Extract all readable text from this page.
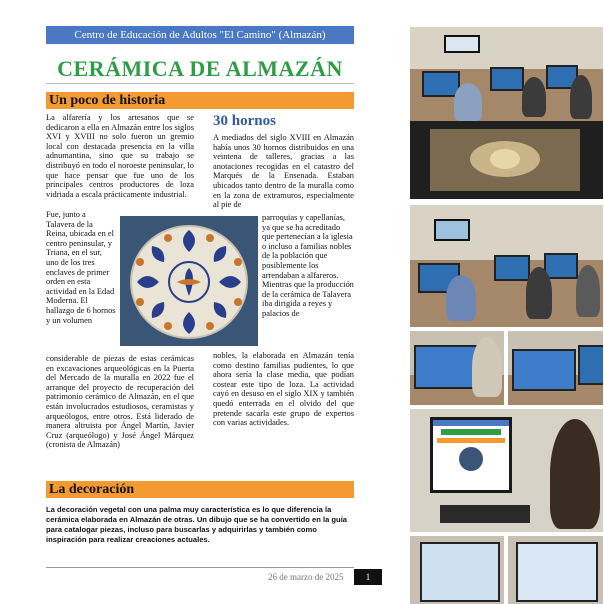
Centro de Educación de Adultos "El Camino" (Almazán)
CERÁMICA DE ALMAZÁN
Un poco de historia
La alfarería y los artesanos que se dedicaron a ella en Almazán entre los siglos XVI y XVIII no solo fueron un gremio local con destacada presencia en la villa adnumantina, sino que su trabajo se distribuyó en todo el noroeste peninsular, lo que hace pensar que fue uno de los principales centros productores de loza vidriada a escala prácticamente industrial.
Fue, junto a Talavera de la Reina, ubicada en el centro peninsular, y Triana, en el sur, uno de los tres enclaves de primer orden en esta actividad en la Edad Moderna. El hallazgo de 6 hornos y un volumen
considerable de piezas de estas cerámicas en excavaciones arqueológicas en la Puerta del Mercado de la muralla en 2022 fue el arranque del proyecto de recuperación del patrimonio cerámico de Almazán, en el que están involucrados estudiosos, ceramistas y arqueólogos, entre otros. Está liderado de manera altruista por Ángel Martín, Javier Cruz (arqueólogo) y José Ángel Márquez (cronista de Almazán)
30 hornos
A mediados del siglo XVIII en Almazán había unos 30 hornos distribuidos en una veintena de talleres, gracias a las anotaciones recogidas en el catastro del Marqués de la Ensenada. Estaban ubicados tanto dentro de la muralla como en la zona de extramuros, especialmente al pie de
parroquias y capellanías, ya que se ha acreditado que pertenecían a la iglesia o incluso a familias nobles de la población que posiblemente los arrendaban a alfareros. Mientras que la producción de la cerámica de Talavera iba dirigida a reyes y palacios de
nobles, la elaborada en Almazán tenía como destino familias pudientes, lo que ahora sería la clase media, que podían costear este tipo de loza. La actividad cayó en desuso en el siglo XIX y también quedó enterrada en el olvido del que pretende sacarla este grupo de expertos con varias actividades.
La decoración
La decoración vegetal con una palma muy característica es lo que diferencia la cerámica elaborada en Almazán de otras. Un dibujo que se ha convertido en la guía para catalogar piezas, incluso para buscarlas y adquirirlas y también como inspiración para realizar creaciones actuales.
26 de marzo de 2025	1
